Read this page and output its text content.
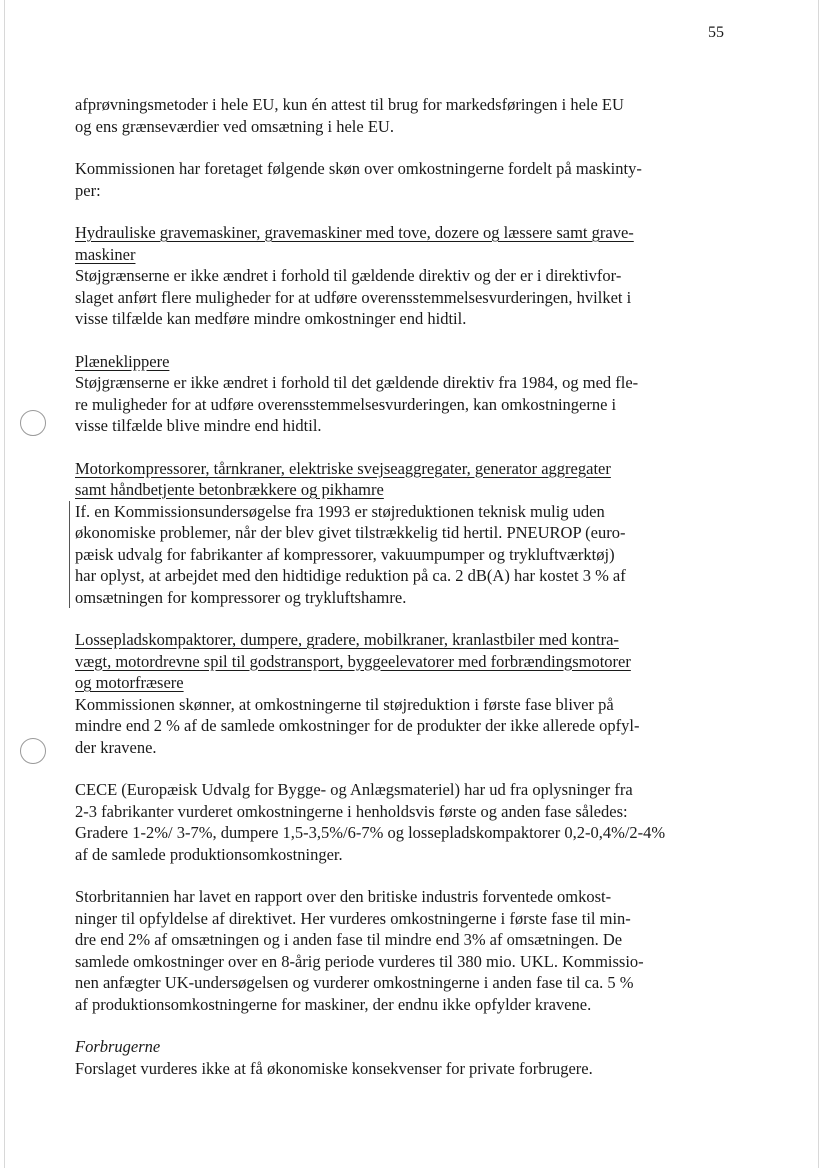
55

afprøvningsmetoder i hele EU, kun én attest til brug for markedsføringen i hele EU
og ens grænseværdier ved omsætning i hele EU.

Kommissionen har foretaget følgende skøn over omkostningerne fordelt på maskinty-
per:

Hydrauliske gravemaskiner, gravemaskiner med tove, dozere og læssere samt grave-
maskiner

Støjgrænserne er ikke ændret i forhold til gældende direktiv og der er i direktivfor-
slaget anført flere muligheder for at udføre overensstemmelsesvurderingen, hvilket i
visse tilfælde kan medføre mindre omkostninger end hidtil.

Plæneklippere

Støjgrænserne er ikke ændret i forhold til det gældende direktiv fra 1984, og med fle-
re muligheder for at udføre overensstemmelsesvurderingen, kan omkostningerne i
visse tilfælde blive mindre end hidtil.

Motorkompressorer, tårnkraner, elektriske svejseaggregater, generator aggregater
samt håndbetjente betonbrækkere og pikhamre

If. en Kommissionsundersøgelse fra 1993 er støjreduktionen teknisk mulig uden
økonomiske problemer, når der blev givet tilstrækkelig tid hertil. PNEUROP (euro-
pæisk udvalg for fabrikanter af kompressorer, vakuumpumper og trykluftværktøj)
har oplyst, at arbejdet med den hidtidige reduktion på ca. 2 dB(A) har kostet 3 % af
omsætningen for kompressorer og trykluftshamre.

Lossepladskompaktorer, dumpere, gradere, mobilkraner, kranlastbiler med kontra-
vægt, motordrevne spil til godstransport, byggeelevatorer med forbrændingsmotorer
og motorfræsere

Kommissionen skønner, at omkostningerne til støjreduktion i første fase bliver på
mindre end 2 % af de samlede omkostninger for de produkter der ikke allerede opfyl-
der kravene.

CECE (Europæisk Udvalg for Bygge- og Anlægsmateriel) har ud fra oplysninger fra
2-3 fabrikanter vurderet omkostningerne i henholdsvis første og anden fase således:
Gradere 1-2%/ 3-7%, dumpere 1,5-3,5%/6-7% og lossepladskompaktorer 0,2-0,4%/2-4%
af de samlede produktionsomkostninger.

Storbritannien har lavet en rapport over den britiske industris forventede omkost-
ninger til opfyldelse af direktivet. Her vurderes omkostningerne i første fase til min-
dre end 2% af omsætningen og i anden fase til mindre end 3% af omsætningen. De
samlede omkostninger over en 8-årig periode vurderes til 380 mio. UKL. Kommissio-
nen anfægter UK-undersøgelsen og vurderer omkostningerne i anden fase til ca. 5 %
af produktionsomkostningerne for maskiner, der endnu ikke opfylder kravene.

Forbrugerne

Forslaget vurderes ikke at få økonomiske konsekvenser for private forbrugere.
